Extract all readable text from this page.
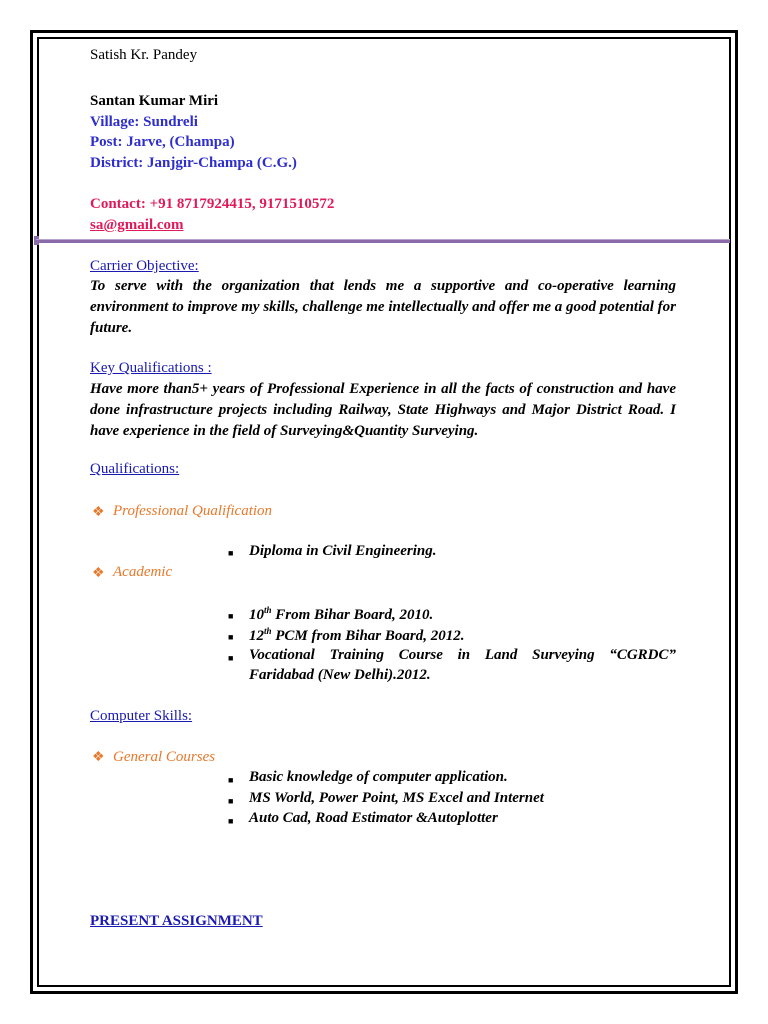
Satish Kr. Pandey
Santan Kumar Miri
Village: Sundreli
Post: Jarve, (Champa)
District: Janjgir-Champa (C.G.)
Contact: +91 8717924415, 9171510572
sa@gmail.com
Carrier Objective:
To serve with the organization that lends me a supportive and co-operative learning environment to improve my skills, challenge me intellectually and offer me a good potential for future.
Key Qualifications :
Have more than5+ years of Professional Experience in all the facts of construction and have done infrastructure projects including Railway, State Highways and Major District Road. I have experience in the field of Surveying&Quantity Surveying.
Qualifications:
❖ Professional Qualification
■ Diploma in Civil Engineering.
❖ Academic
■ 10th From Bihar Board, 2010.
■ 12th PCM from Bihar Board, 2012.
■ Vocational Training Course in Land Surveying “CGRDC”
Faridabad (New Delhi).2012.
Computer Skills:
❖ General Courses
■ Basic knowledge of computer application.
■ MS World, Power Point, MS Excel and Internet
■ Auto Cad, Road Estimator &Autoplotter
PRESENT ASSIGNMENT
